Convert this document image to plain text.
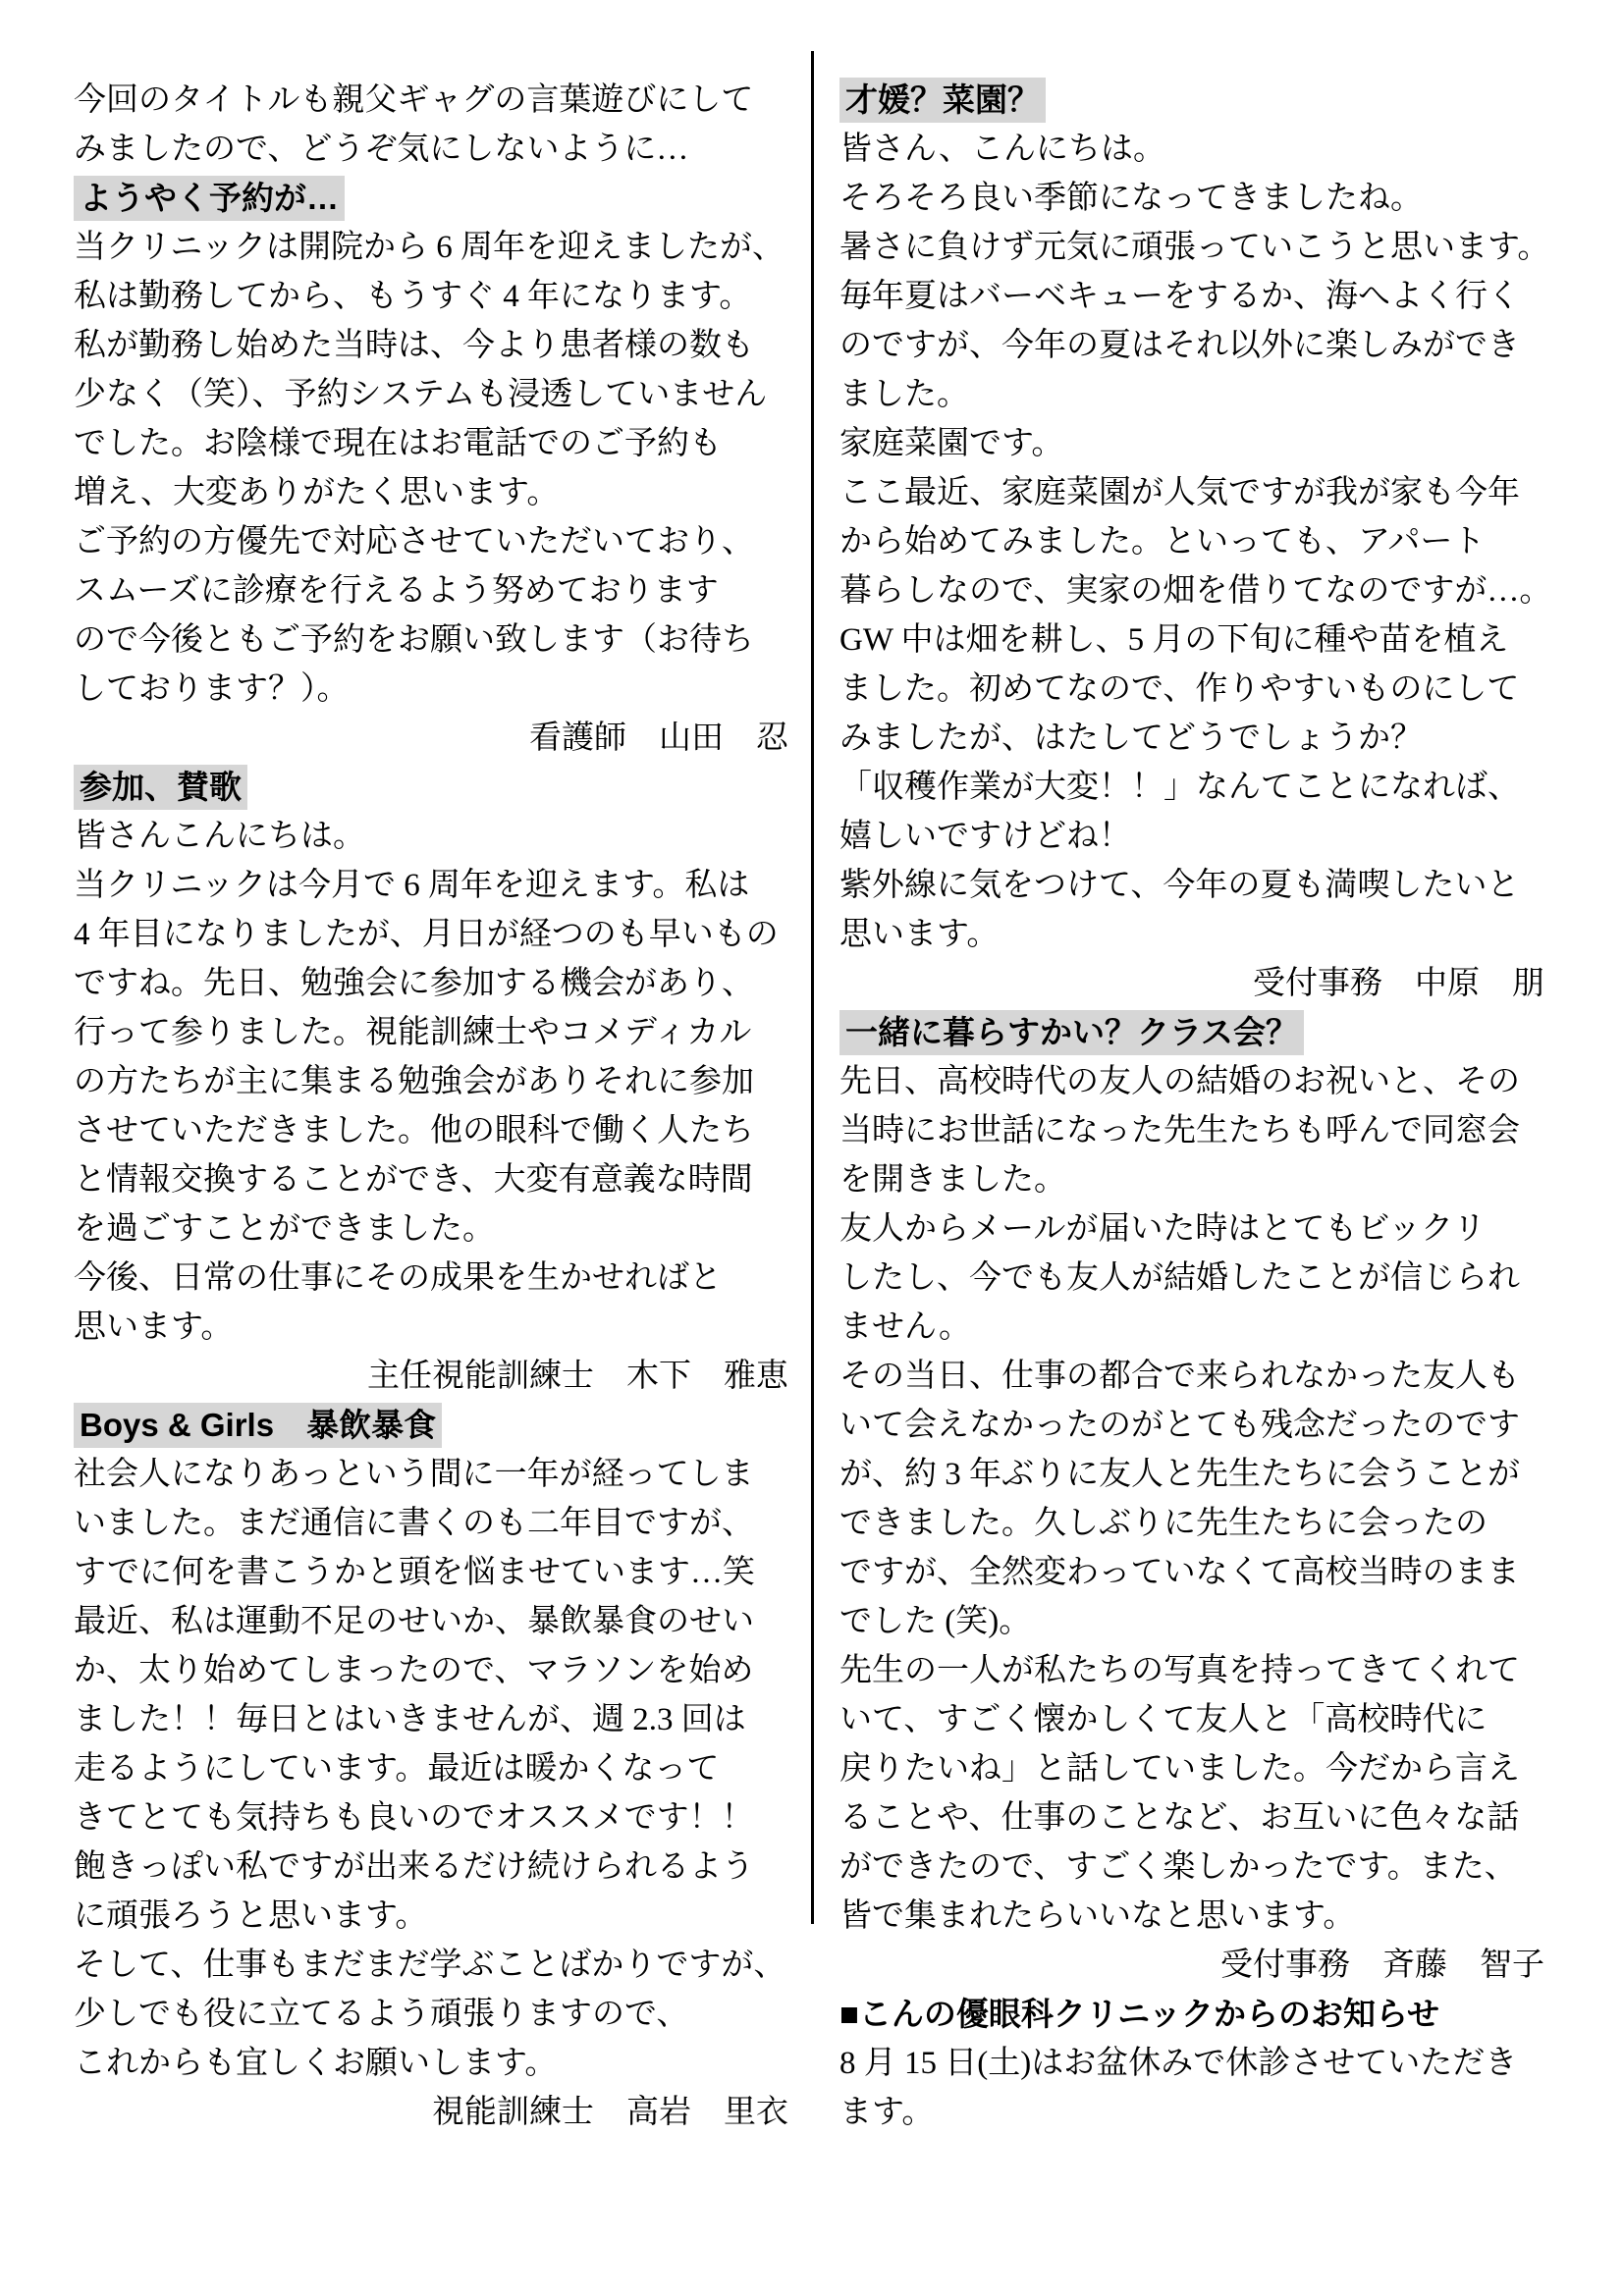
今回のタイトルも親父ギャグの言葉遊びにして
みましたので、どうぞ気にしないように…
ようやく予約が…
当クリニックは開院から 6 周年を迎えましたが、
私は勤務してから、もうすぐ 4 年になります。
私が勤務し始めた当時は、今より患者様の数も
少なく（笑）、予約システムも浸透していません
でした。お陰様で現在はお電話でのご予約も
増え、大変ありがたく思います。
ご予約の方優先で対応させていただいており、
スムーズに診療を行えるよう努めております
ので今後ともご予約をお願い致します（お待ち
しております？）。
看護師　山田　忍
参加、賛歌
皆さんこんにちは。
当クリニックは今月で 6 周年を迎えます。私は
4 年目になりましたが、月日が経つのも早いもの
ですね。先日、勉強会に参加する機会があり、
行って参りました。視能訓練士やコメディカル
の方たちが主に集まる勉強会がありそれに参加
させていただきました。他の眼科で働く人たち
と情報交換することができ、大変有意義な時間
を過ごすことができました。
今後、日常の仕事にその成果を生かせればと
思います。
主任視能訓練士　木下　雅恵
Boys & Girls　暴飲暴食
社会人になりあっという間に一年が経ってしま
いました。まだ通信に書くのも二年目ですが、
すでに何を書こうかと頭を悩ませています…笑
最近、私は運動不足のせいか、暴飲暴食のせい
か、太り始めてしまったので、マラソンを始め
ました！！毎日とはいきませんが、週 2.3 回は
走るようにしています。最近は暖かくなって
きてとても気持ちも良いのでオススメです！！
飽きっぽい私ですが出来るだけ続けられるよう
に頑張ろうと思います。
そして、仕事もまだまだ学ぶことばかりですが、
少しでも役に立てるよう頑張りますので、
これからも宜しくお願いします。
視能訓練士　高岩　里衣
才媛？菜園？
皆さん、こんにちは。
そろそろ良い季節になってきましたね。
暑さに負けず元気に頑張っていこうと思います。
毎年夏はバーベキューをするか、海へよく行く
のですが、今年の夏はそれ以外に楽しみができ
ました。
家庭菜園です。
ここ最近、家庭菜園が人気ですが我が家も今年
から始めてみました。といっても、アパート
暮らしなので、実家の畑を借りてなのですが…。
GW 中は畑を耕し、5 月の下旬に種や苗を植え
ました。初めてなので、作りやすいものにして
みましたが、はたしてどうでしょうか？
「収穫作業が大変！！」なんてことになれば、
嬉しいですけどね！
紫外線に気をつけて、今年の夏も満喫したいと
思います。
受付事務　中原　朋
一緒に暮らすかい？クラス会？
先日、高校時代の友人の結婚のお祝いと、その
当時にお世話になった先生たちも呼んで同窓会
を開きました。
友人からメールが届いた時はとてもビックリ
したし、今でも友人が結婚したことが信じられ
ません。
その当日、仕事の都合で来られなかった友人も
いて会えなかったのがとても残念だったのです
が、約 3 年ぶりに友人と先生たちに会うことが
できました。久しぶりに先生たちに会ったの
ですが、全然変わっていなくて高校当時のまま
でした (笑)。
先生の一人が私たちの写真を持ってきてくれて
いて、すごく懐かしくて友人と「高校時代に
戻りたいね」と話していました。今だから言え
ることや、仕事のことなど、お互いに色々な話
ができたので、すごく楽しかったです。また、
皆で集まれたらいいなと思います。
受付事務　斉藤　智子
■こんの優眼科クリニックからのお知らせ
8 月 15 日(土)はお盆休みで休診させていただき
ます。
